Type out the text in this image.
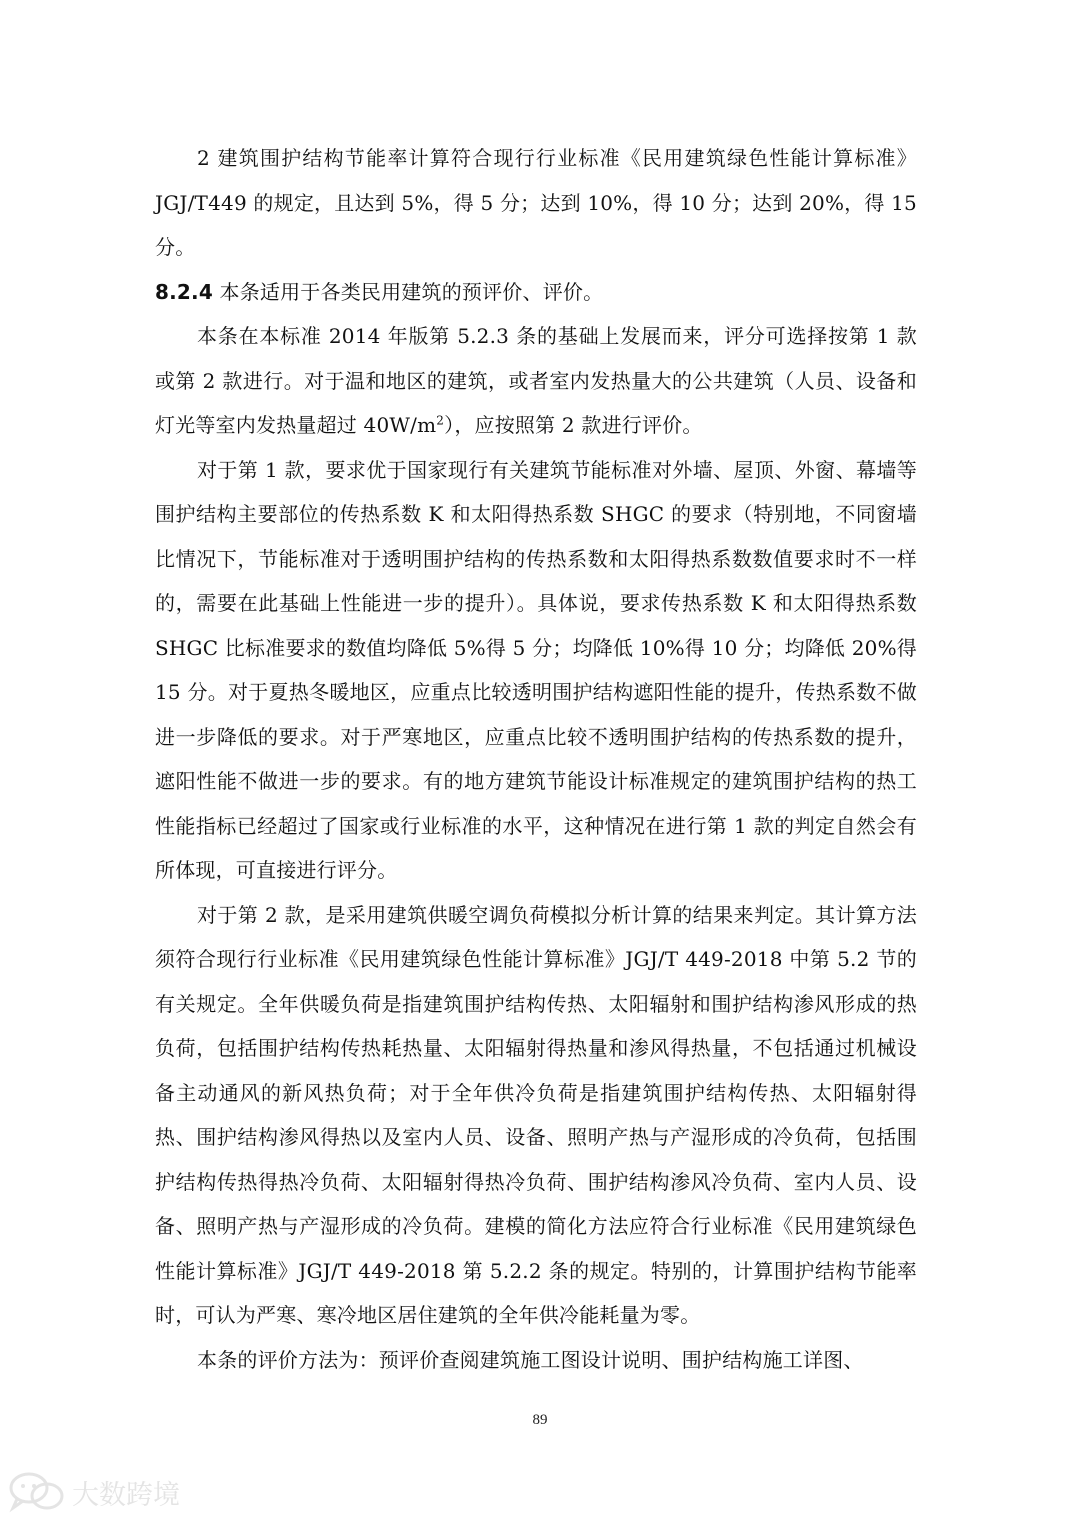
2 建筑围护结构节能率计算符合现行行业标准《民用建筑绿色性能计算标准》JGJ/T449 的规定，且达到 5%，得 5 分；达到 10%，得 10 分；达到 20%，得 15 分。

8.2.4 本条适用于各类民用建筑的预评价、评价。

本条在本标准 2014 年版第 5.2.3 条的基础上发展而来，评分可选择按第 1 款或第 2 款进行。对于温和地区的建筑，或者室内发热量大的公共建筑（人员、设备和灯光等室内发热量超过 $40W/m^2$），应按照第 2 款进行评价。

对于第 1 款，要求优于国家现行有关建筑节能标准对外墙、屋顶、外窗、幕墙等围护结构主要部位的传热系数 K 和太阳得热系数 SHGC 的要求（特别地，不同窗墙比情况下，节能标准对于透明围护结构的传热系数和太阳得热系数数值要求时不一样的，需要在此基础上性能进一步的提升）。具体说，要求传热系数 K 和太阳得热系数 SHGC 比标准要求的数值均降低 5%得 5 分；均降低 10%得 10 分；均降低 20%得 15 分。对于夏热冬暖地区，应重点比较透明围护结构遮阳性能的提升，传热系数不做进一步降低的要求。对于严寒地区，应重点比较不透明围护结构的传热系数的提升，遮阳性能不做进一步的要求。有的地方建筑节能设计标准规定的建筑围护结构的热工性能指标已经超过了国家或行业标准的水平，这种情况在进行第 1 款的判定自然会有所体现，可直接进行评分。

对于第 2 款，是采用建筑供暖空调负荷模拟分析计算的结果来判定。其计算方法须符合现行行业标准《民用建筑绿色性能计算标准》JGJ/T 449-2018 中第 5.2 节的有关规定。全年供暖负荷是指建筑围护结构传热、太阳辐射和围护结构渗风形成的热负荷，包括围护结构传热耗热量、太阳辐射得热量和渗风得热量，不包括通过机械设备主动通风的新风热负荷；对于全年供冷负荷是指建筑围护结构传热、太阳辐射得热、围护结构渗风得热以及室内人员、设备、照明产热与产湿形成的冷负荷，包括围护结构传热得热冷负荷、太阳辐射得热冷负荷、围护结构渗风冷负荷、室内人员、设备、照明产热与产湿形成的冷负荷。建模的简化方法应符合行业标准《民用建筑绿色性能计算标准》JGJ/T 449-2018 第 5.2.2 条的规定。特别的，计算围护结构节能率时，可认为严寒、寒冷地区居住建筑的全年供冷能耗量为零。

本条的评价方法为：预评价查阅建筑施工图设计说明、围护结构施工详图、

89
大数跨境
